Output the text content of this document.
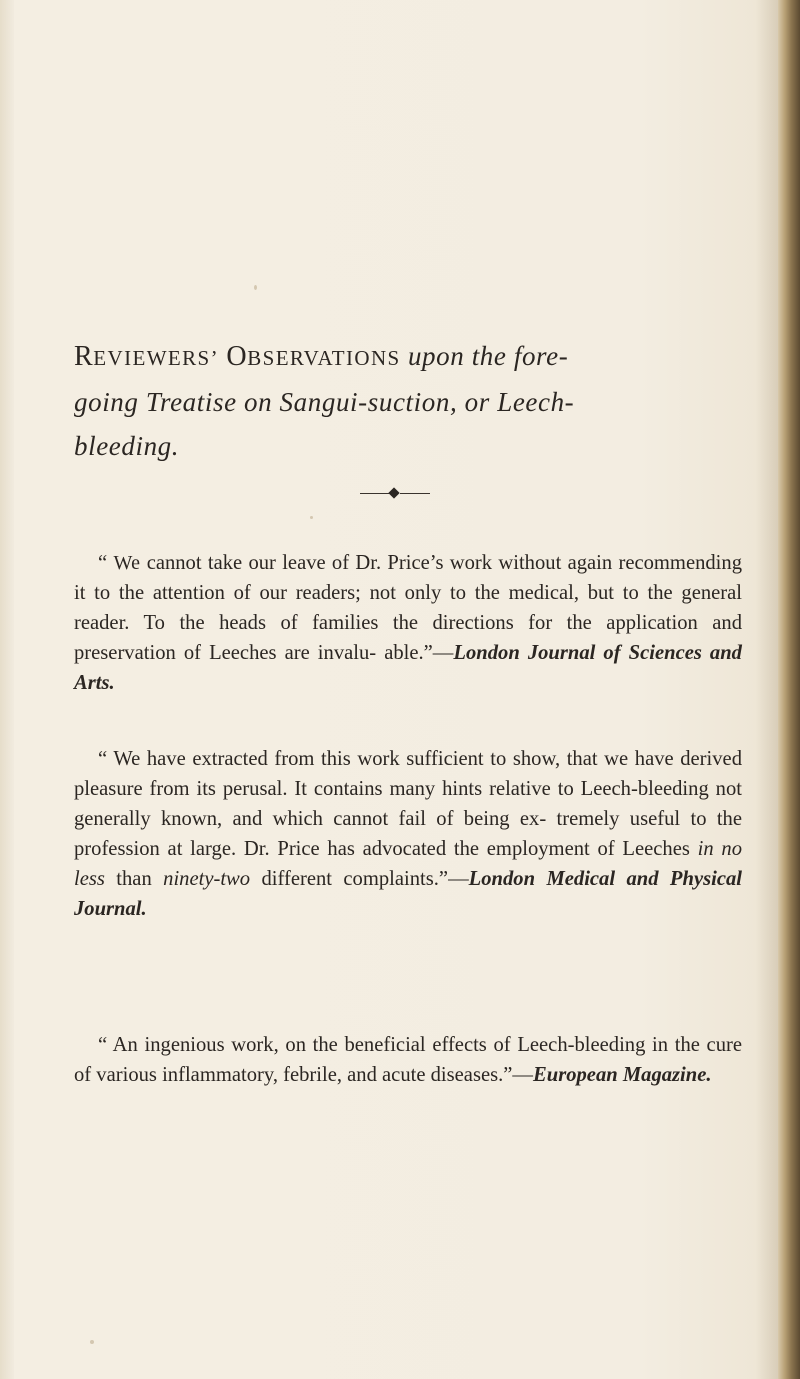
REVIEWERS’ OBSERVATIONS upon the fore-
going Treatise on Sangui-suction, or Leech-
bleeding.

“ We cannot take our leave of Dr. Price’s work without again recommending it to the attention of our readers; not only to the medical, but to the general reader. To the heads of families the directions for the application and preservation of Leeches are invalu- able.”—London Journal of Sciences and Arts.

“ We have extracted from this work sufficient to show, that we have derived pleasure from its perusal. It contains many hints relative to Leech-bleeding not generally known, and which cannot fail of being ex- tremely useful to the profession at large. Dr. Price has advocated the employment of Leeches in no less than ninety-two different complaints.”—London Medical and Physical Journal.

“ An ingenious work, on the beneficial effects of Leech-bleeding in the cure of various inflammatory, febrile, and acute diseases.”—European Magazine.
